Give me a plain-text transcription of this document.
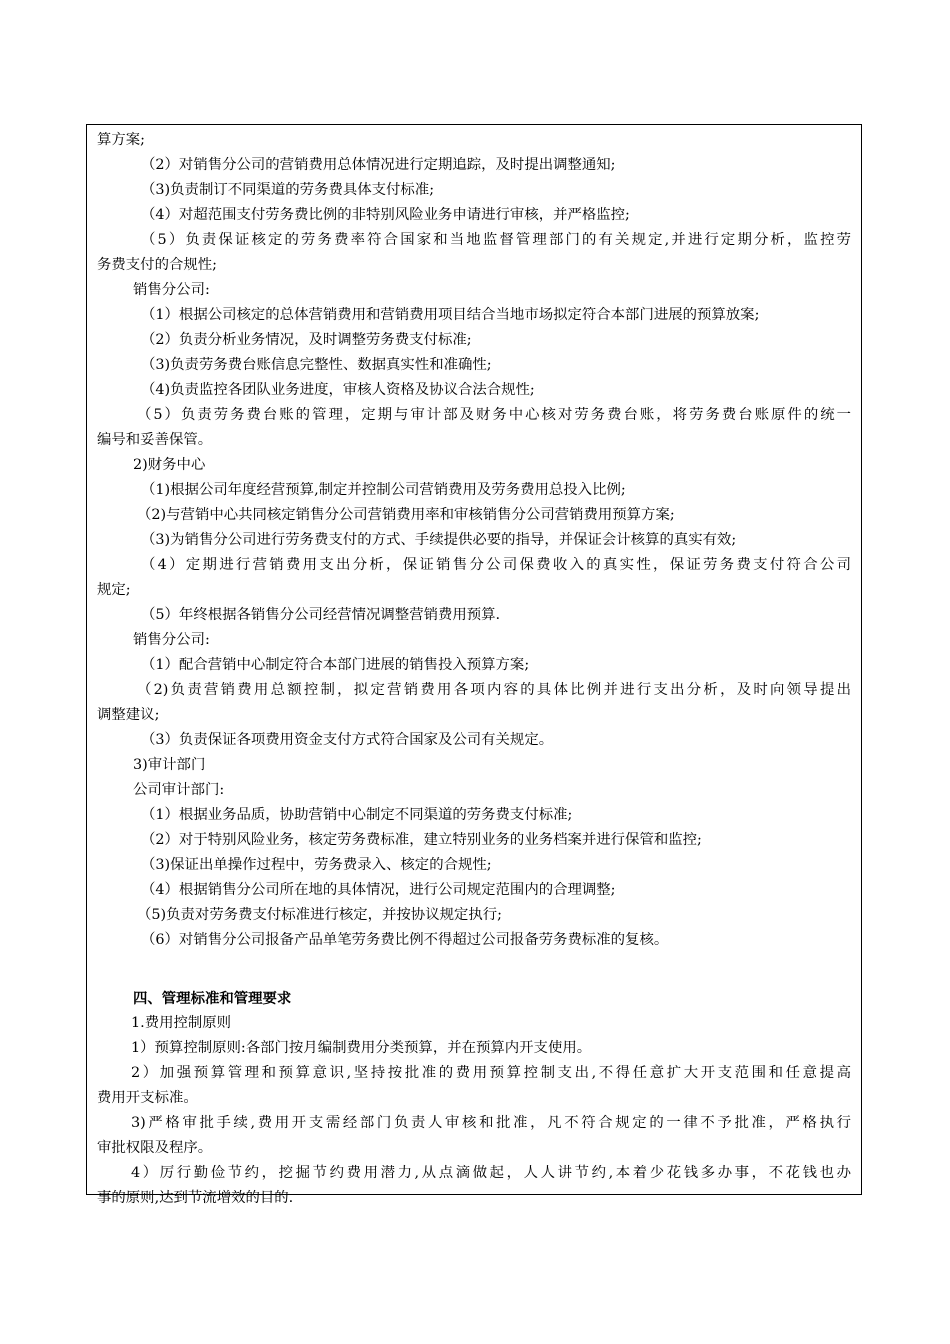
算方案;
（2）对销售分公司的营销费用总体情况进行定期追踪，及时提出调整通知;
（3)负责制订不同渠道的劳务费具体支付标准;
（4）对超范围支付劳务费比例的非特别风险业务申请进行审核，并严格监控;
（5）负责保证核定的劳务费率符合国家和当地监督管理部门的有关规定,并进行定期分析，监控劳
务费支付的合规性;
销售分公司:
（1）根据公司核定的总体营销费用和营销费用项目结合当地市场拟定符合本部门进展的预算放案;
（2）负责分析业务情况，及时调整劳务费支付标准;
（3)负责劳务费台账信息完整性、数据真实性和准确性;
（4)负责监控各团队业务进度，审核人资格及协议合法合规性;
（5）负责劳务费台账的管理，定期与审计部及财务中心核对劳务费台账，将劳务费台账原件的统一
编号和妥善保管。
2)财务中心
（1)根据公司年度经营预算,制定并控制公司营销费用及劳务费用总投入比例;
（2)与营销中心共同核定销售分公司营销费用率和审核销售分公司营销费用预算方案;
（3)为销售分公司进行劳务费支付的方式、手续提供必要的指导，并保证会计核算的真实有效;
（4）定期进行营销费用支出分析，保证销售分公司保费收入的真实性，保证劳务费支付符合公司
规定;
（5）年终根据各销售分公司经营情况调整营销费用预算.
销售分公司:
（1）配合营销中心制定符合本部门进展的销售投入预算方案;
（2)负责营销费用总额控制，拟定营销费用各项内容的具体比例并进行支出分析，及时向领导提出
调整建议;
（3）负责保证各项费用资金支付方式符合国家及公司有关规定。
3)审计部门
公司审计部门:
（1）根据业务品质，协助营销中心制定不同渠道的劳务费支付标准;
（2）对于特别风险业务，核定劳务费标准，建立特别业务的业务档案并进行保管和监控;
（3)保证出单操作过程中，劳务费录入、核定的合规性;
（4）根据销售分公司所在地的具体情况，进行公司规定范围内的合理调整;
（5)负责对劳务费支付标准进行核定，并按协议规定执行;
（6）对销售分公司报备产品单笔劳务费比例不得超过公司报备劳务费标准的复核。
四、管理标准和管理要求
1.费用控制原则
1）预算控制原则:各部门按月编制费用分类预算，并在预算内开支使用。
2）加强预算管理和预算意识,坚持按批准的费用预算控制支出,不得任意扩大开支范围和任意提高
费用开支标准。
3)严格审批手续,费用开支需经部门负责人审核和批准，凡不符合规定的一律不予批准，严格执行
审批权限及程序。
4）厉行勤俭节约，挖掘节约费用潜力,从点滴做起，人人讲节约,本着少花钱多办事，不花钱也办
事的原则,达到节流增效的目的.
